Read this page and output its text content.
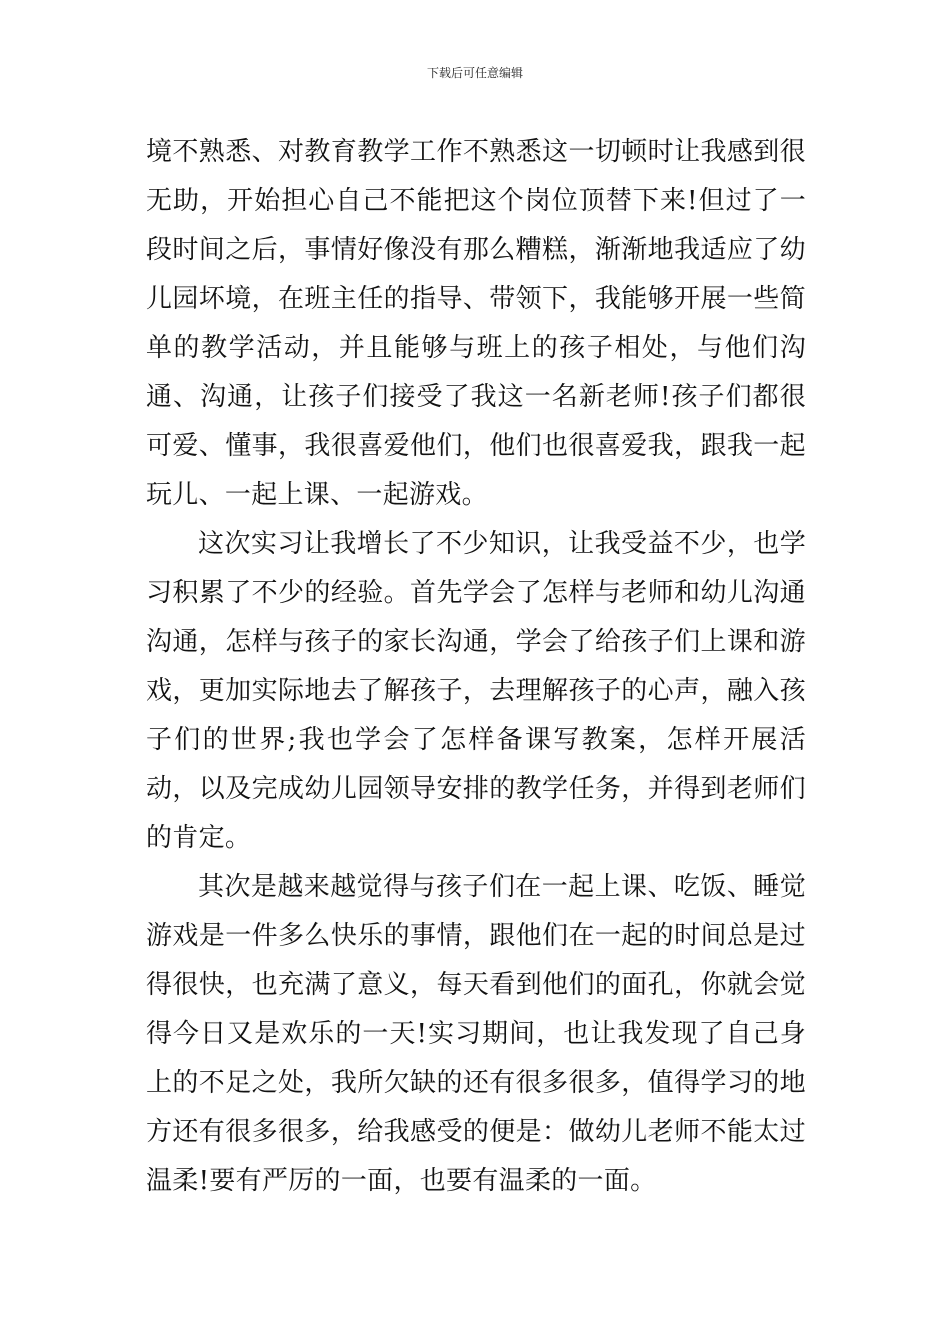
下载后可任意编辑

境不熟悉、对教育教学工作不熟悉这一切顿时让我感到很无助，开始担心自己不能把这个岗位顶替下来!但过了一段时间之后，事情好像没有那么糟糕，渐渐地我适应了幼儿园坏境，在班主任的指导、带领下，我能够开展一些简单的教学活动，并且能够与班上的孩子相处，与他们沟通、沟通，让孩子们接受了我这一名新老师!孩子们都很可爱、懂事，我很喜爱他们，他们也很喜爱我，跟我一起玩儿、一起上课、一起游戏。

这次实习让我增长了不少知识，让我受益不少，也学习积累了不少的经验。首先学会了怎样与老师和幼儿沟通沟通，怎样与孩子的家长沟通，学会了给孩子们上课和游戏，更加实际地去了解孩子，去理解孩子的心声，融入孩子们的世界;我也学会了怎样备课写教案，怎样开展活动，以及完成幼儿园领导安排的教学任务，并得到老师们的肯定。

其次是越来越觉得与孩子们在一起上课、吃饭、睡觉游戏是一件多么快乐的事情，跟他们在一起的时间总是过得很快，也充满了意义，每天看到他们的面孔，你就会觉得今日又是欢乐的一天!实习期间，也让我发现了自己身上的不足之处，我所欠缺的还有很多很多，值得学习的地方还有很多很多，给我感受的便是：做幼儿老师不能太过温柔!要有严厉的一面，也要有温柔的一面。
